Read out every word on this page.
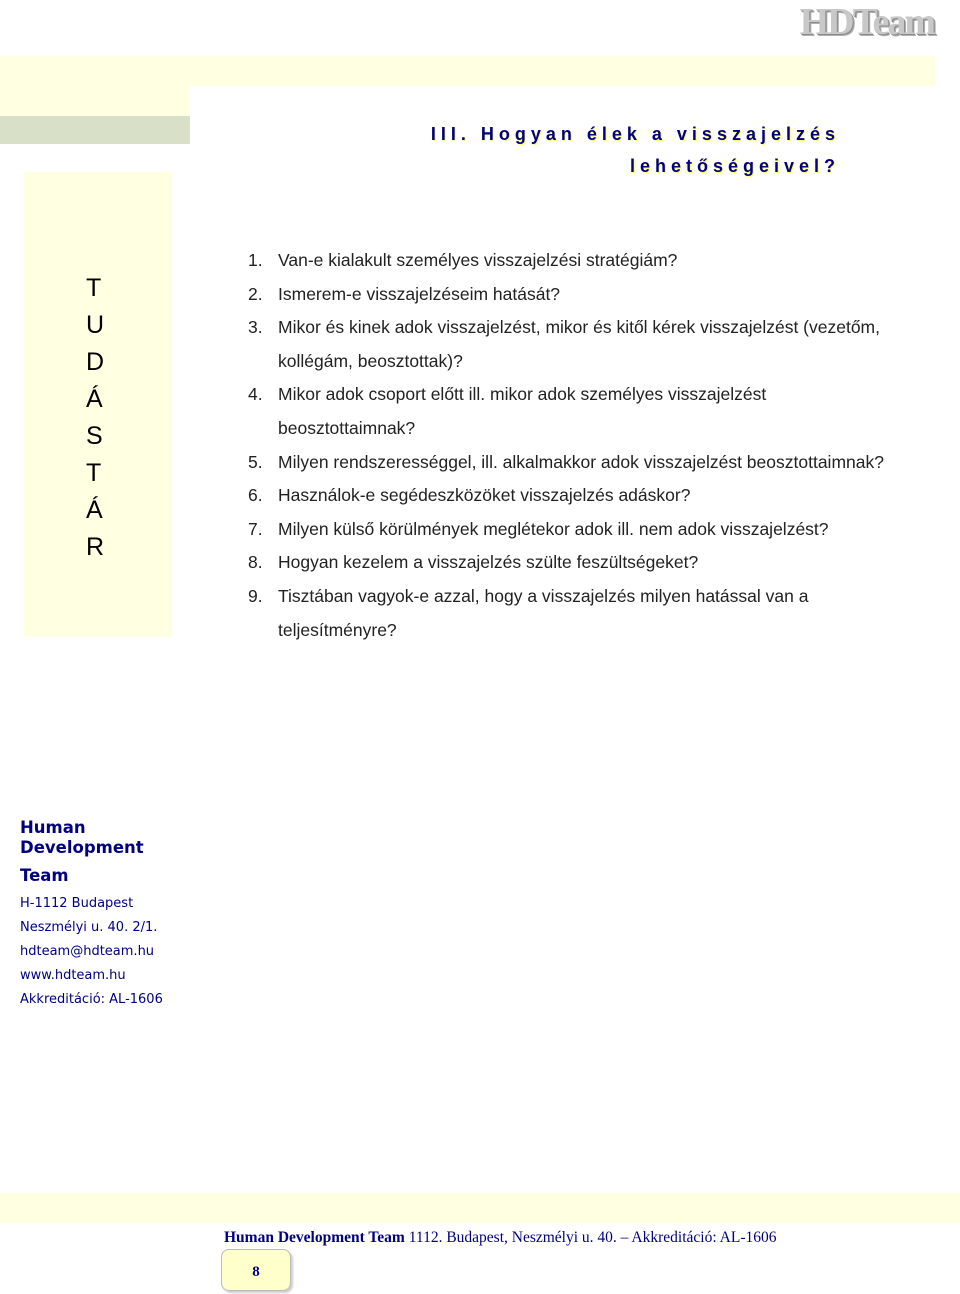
HDTeam
III. Hogyan élek a visszajelzés
lehetőségeivel?
T
U
D
Á
S
T
Á
R
1. Van-e kialakult személyes visszajelzési stratégiám?
2. Ismerem-e visszajelzéseim hatását?
3. Mikor és kinek adok visszajelzést, mikor és kitől kérek visszajelzést (vezetőm, kollégám, beosztottak)?
4. Mikor adok csoport előtt ill. mikor adok személyes visszajelzést beosztottaimnak?
5. Milyen rendszerességgel, ill. alkalmakkor adok visszajelzést beosztottaimnak?
6. Használok-e segédeszközöket visszajelzés adáskor?
7. Milyen külső körülmények meglétekor adok ill. nem adok visszajelzést?
8. Hogyan kezelem a visszajelzés szülte feszültségeket?
9. Tisztában vagyok-e azzal, hogy a visszajelzés milyen hatással van a teljesítményre?
Human
Development
Team
H-1112 Budapest
Neszmélyi u. 40. 2/1.
hdteam@hdteam.hu
www.hdteam.hu
Akkreditáció: AL-1606
Human Development Team 1112. Budapest, Neszmélyi u. 40. – Akkreditáció: AL-1606
8
